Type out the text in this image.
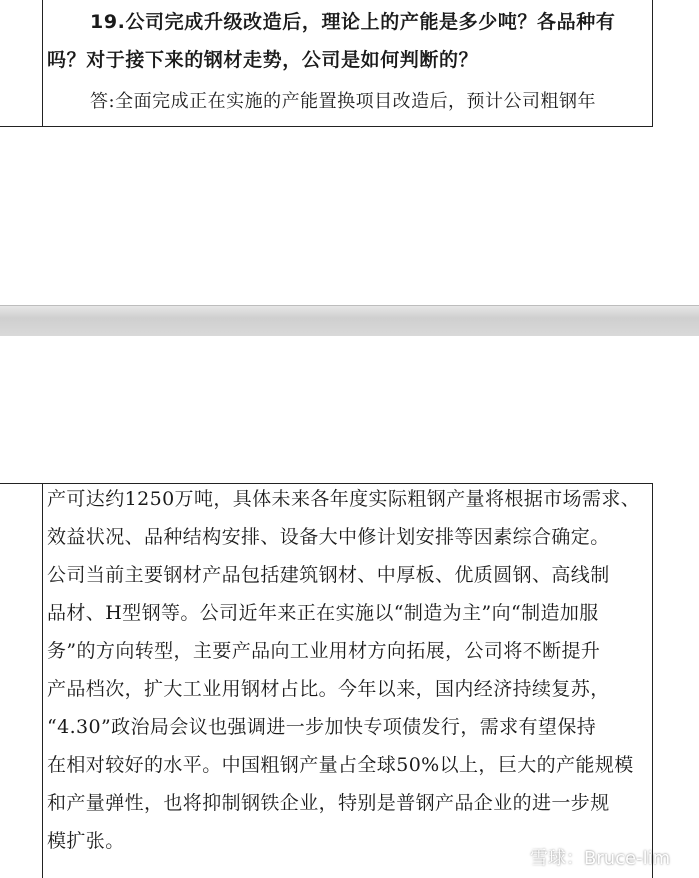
19.公司完成升级改造后，理论上的产能是多少吨？各品种有
吗？对于接下来的钢材走势，公司是如何判断的？
答:全面完成正在实施的产能置换项目改造后，预计公司粗钢年
产可达约1250万吨，具体未来各年度实际粗钢产量将根据市场需求、
效益状况、品种结构安排、设备大中修计划安排等因素综合确定。
公司当前主要钢材产品包括建筑钢材、中厚板、优质圆钢、高线制
品材、H型钢等。公司近年来正在实施以“制造为主”向“制造加服
务”的方向转型，主要产品向工业用材方向拓展，公司将不断提升
产品档次，扩大工业用钢材占比。今年以来，国内经济持续复苏，
“4.30”政治局会议也强调进一步加快专项债发行，需求有望保持
在相对较好的水平。中国粗钢产量占全球50%以上，巨大的产能规模
和产量弹性，也将抑制钢铁企业，特别是普钢产品企业的进一步规
模扩张。
雪球：Bruce-lim
